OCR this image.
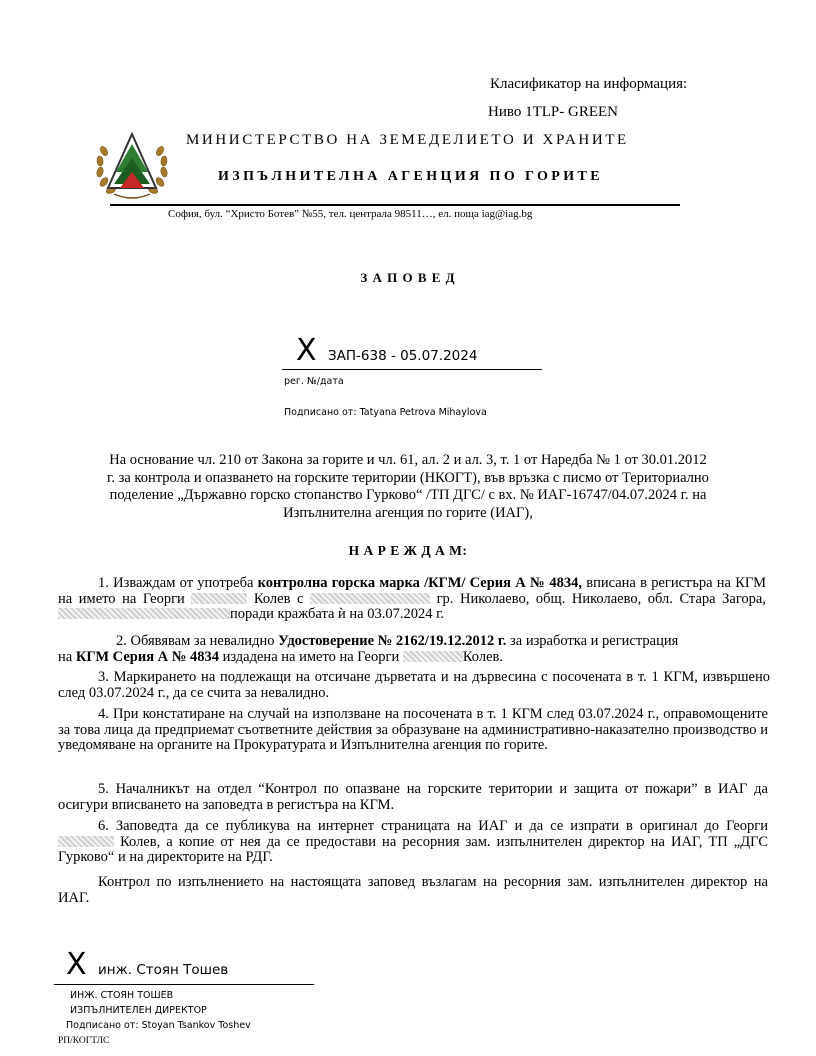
Класификатор на информация:
Ниво 1TLP- GREEN
МИНИСТЕРСТВО НА ЗЕМЕДЕЛИЕТО И ХРАНИТЕ
ИЗПЪЛНИТЕЛНА АГЕНЦИЯ ПО ГОРИТЕ
София, бул. “Христо Ботев” №55, тел. централа 98511…, ел. поща iag@iag.bg
З А П О В Е Д
X ЗАП-638 - 05.07.2024
рег. №/дата
Подписано от: Tatyana Petrova Mihaylova
На основание чл. 210 от Закона за горите и чл. 61, ал. 2 и ал. 3, т. 1 от Наредба № 1 от 30.01.2012
г. за контрола и опазването на горските територии (НКОГТ), във връзка с писмо от Териториално
поделение „Държавно горско стопанство Гурково“ /ТП ДГС/ с вх. № ИАГ-16747/04.07.2024 г. на
Изпълнителна агенция по горите (ИАГ),
Н А Р Е Ж Д А М:
1. Изваждам от употреба контролна горска марка /КГМ/ Серия А № 4834, вписана в регистъра на КГМ на името на Георги	Колев с	гр. Николаево, общ. Николаево, обл. Стара Загора, поради кражбата ѝ на 03.07.2024 г.
2. Обявявам за невалидно Удостоверение № 2162/19.12.2012 г. за изработка и регистрация
на КГМ Серия А № 4834 издадена на името на Георги	Колев.
3. Маркирането на подлежащи на отсичане дърветата и на дървесина с посочената в т. 1 КГМ, извършено след 03.07.2024 г., да се счита за невалидно.
4. При констатиране на случай на използване на посочената в т. 1 КГМ след 03.07.2024 г., оправомощените за това лица да предприемат съответните действия за образуване на административно-наказателно производство и уведомяване на органите на Прокуратурата и Изпълнителна агенция по горите.
5. Началникът на отдел “Контрол по опазване на горските територии и защита от пожари” в ИАГ да осигури вписването на заповедта в регистъра на КГМ.
6. Заповедта да се публикува на интернет страницата на ИАГ и да се изпрати в оригинал до Георги  Колев, а копие от нея да се предостави на ресорния зам. изпълнителен директор на ИАГ, ТП „ДГС Гурково“ и на директорите на РДГ.
Контрол по изпълнението на настоящата заповед възлагам на ресорния зам. изпълнителен директор на ИАГ.
X инж. Стоян Тошев
ИНЖ. СТОЯН ТОШЕВ
ИЗПЪЛНИТЕЛЕН ДИРЕКТОР
Подписано от: Stoyan Tsankov Toshev
РП/КОГТЛС
